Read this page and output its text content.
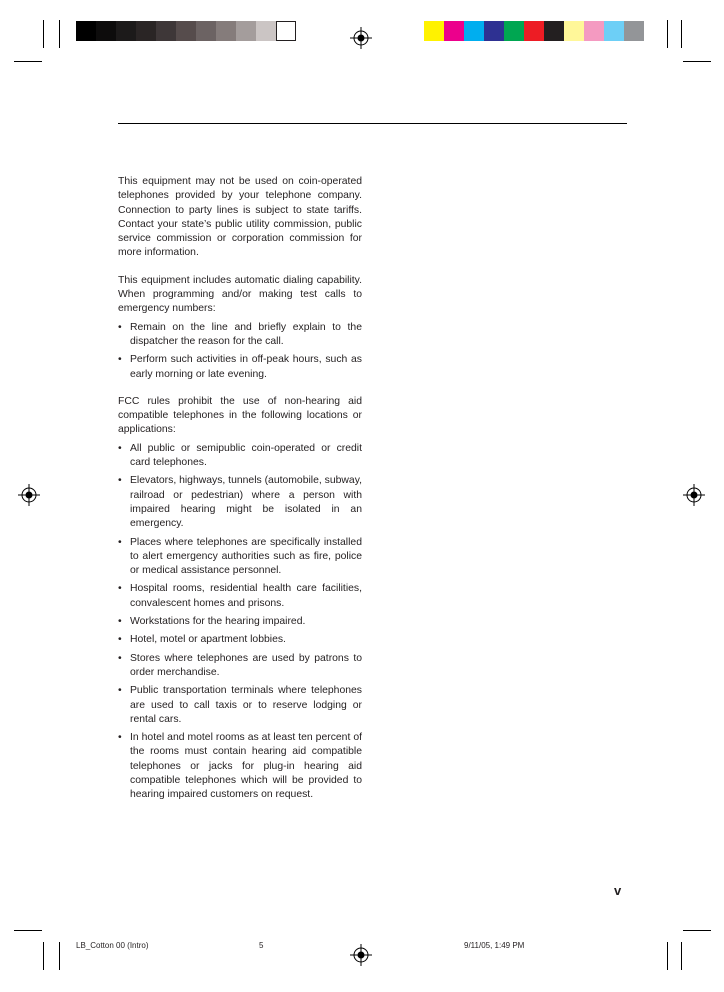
This equipment may not be used on coin-operated telephones provided by your telephone company. Connection to party lines is subject to state tariffs. Contact your state’s public utility commission, public service commission or corporation commission for more information.

This equipment includes automatic dialing capability. When programming and/or making test calls to emergency numbers:

• Remain on the line and briefly explain to the dispatcher the reason for the call.
• Perform such activities in off-peak hours, such as early morning or late evening.

FCC rules prohibit the use of non-hearing aid compatible telephones in the following locations or applications:

• All public or semipublic coin-operated or credit card telephones.
• Elevators, highways, tunnels (automobile, subway, railroad or pedestrian) where a person with impaired hearing might be isolated in an emergency.
• Places where telephones are specifically installed to alert emergency authorities such as fire, police or medical assistance personnel.
• Hospital rooms, residential health care facilities, convalescent homes and prisons.
• Workstations for the hearing impaired.
• Hotel, motel or apartment lobbies.
• Stores where telephones are used by patrons to order merchandise.
• Public transportation terminals where telephones are used to call taxis or to reserve lodging or rental cars.
• In hotel and motel rooms as at least ten percent of the rooms must contain hearing aid compatible telephones or jacks for plug-in hearing aid compatible telephones which will be provided to hearing impaired customers on request.
v
LB_Cotton 00 (Intro)	5	9/11/05, 1:49 PM
